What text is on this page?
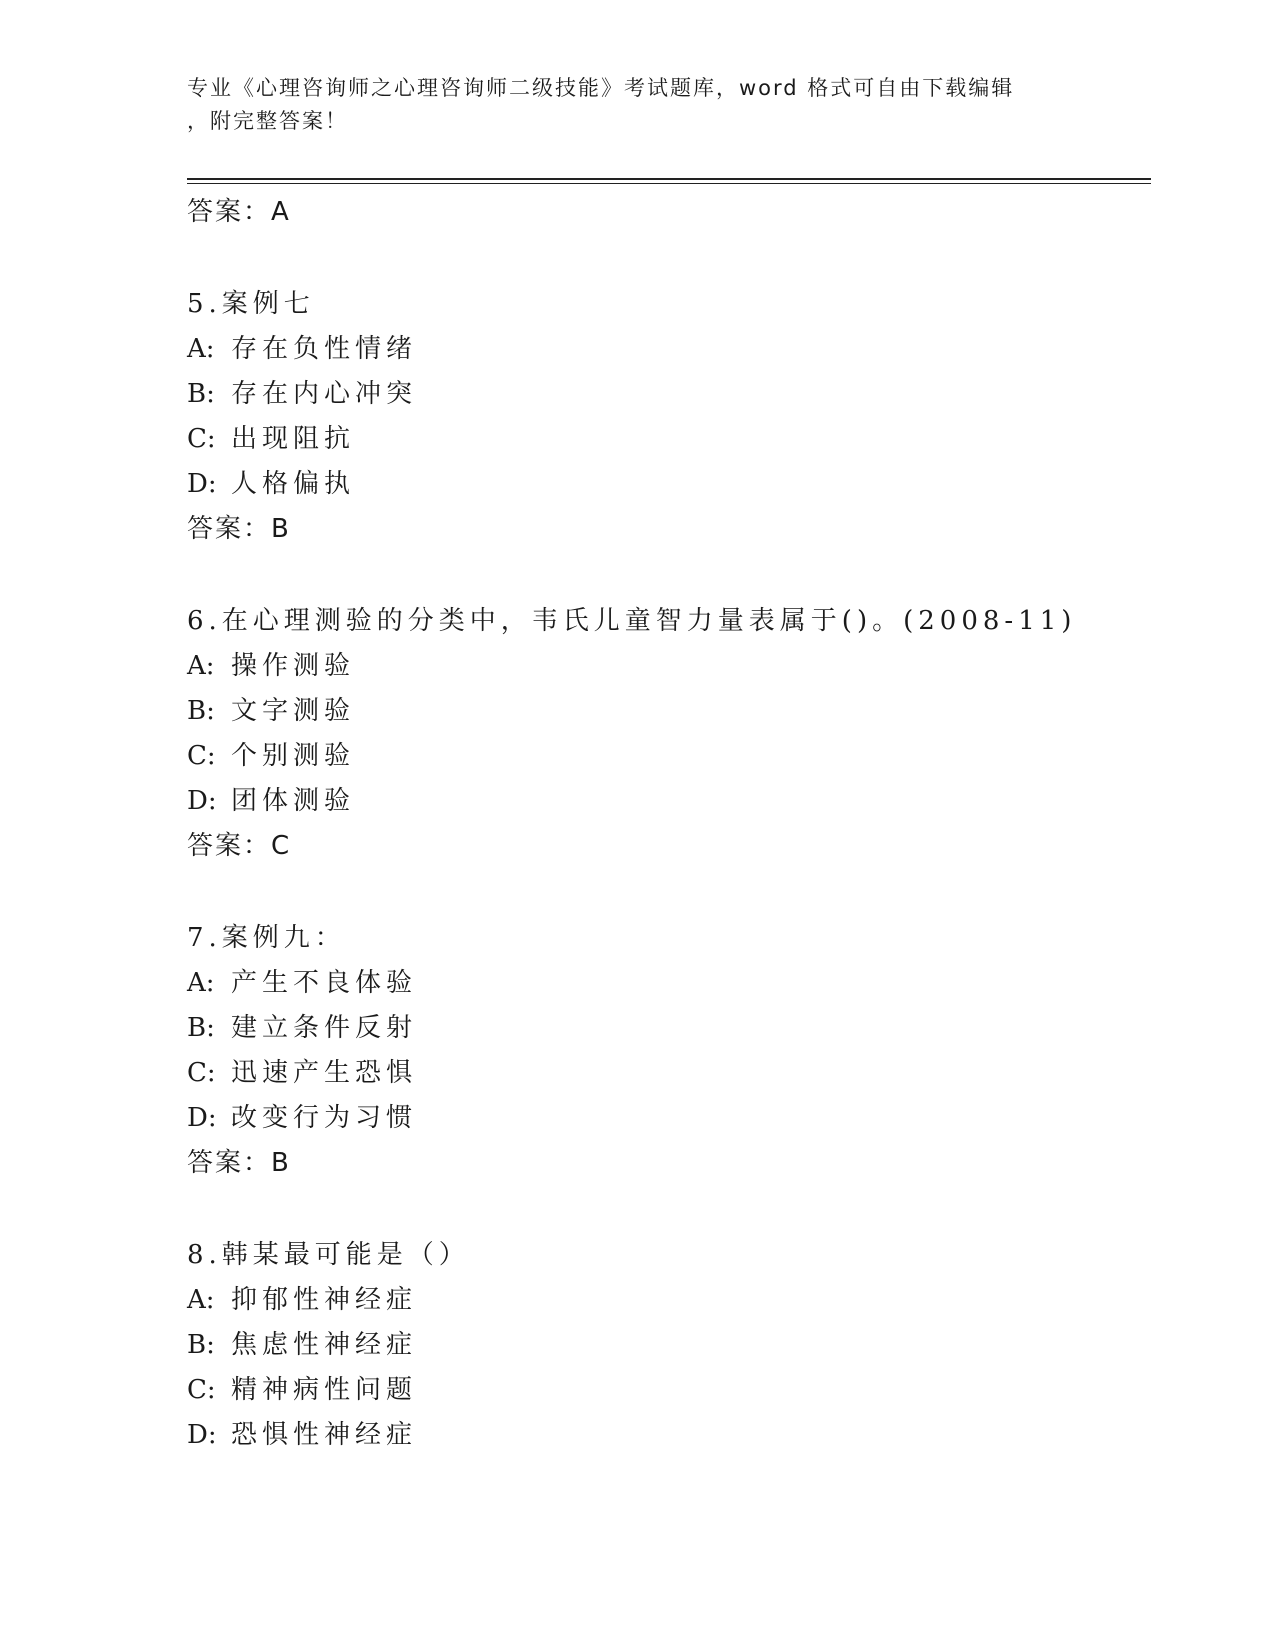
专业《心理咨询师之心理咨询师二级技能》考试题库，word 格式可自由下载编辑
，附完整答案！
答案：A
5.案例七
A: 存在负性情绪
B: 存在内心冲突
C: 出现阻抗
D: 人格偏执
答案：B
6.在心理测验的分类中，韦氏儿童智力量表属于()。(2008-11)
A: 操作测验
B: 文字测验
C: 个别测验
D: 团体测验
答案：C
7.案例九：
A: 产生不良体验
B: 建立条件反射
C: 迅速产生恐惧
D: 改变行为习惯
答案：B
8.韩某最可能是（）
A: 抑郁性神经症
B: 焦虑性神经症
C: 精神病性问题
D: 恐惧性神经症
